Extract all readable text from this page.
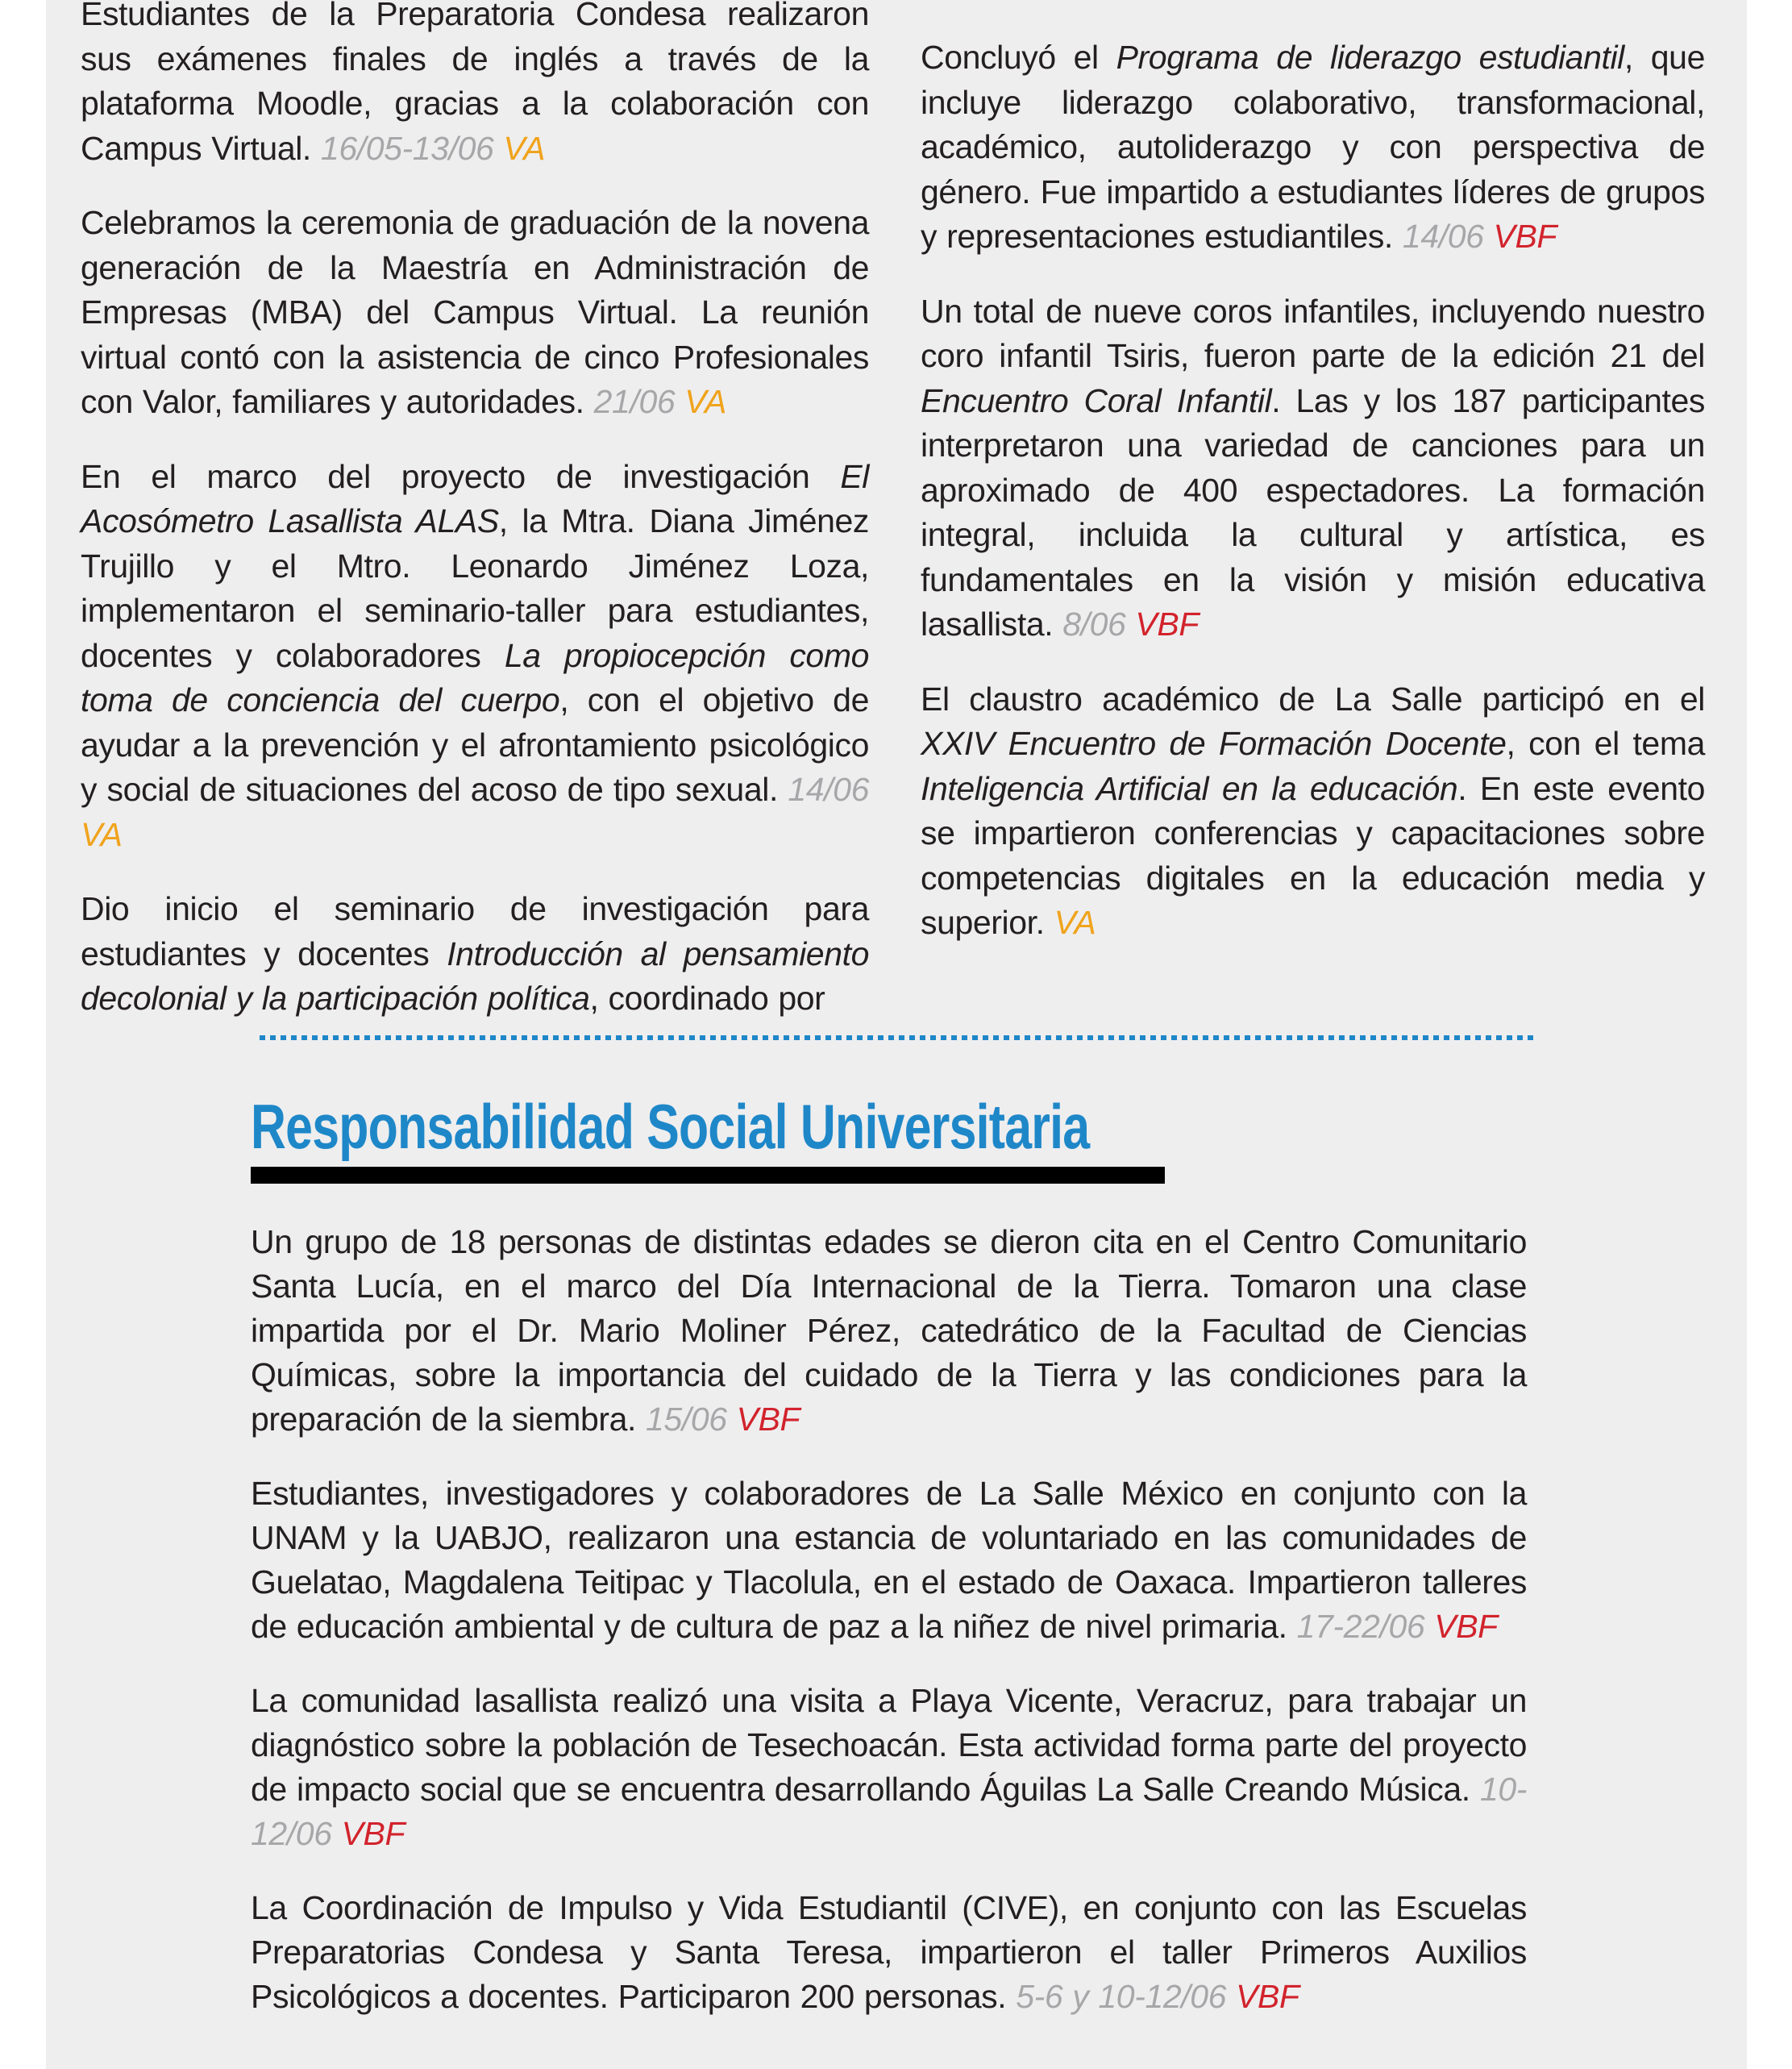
Estudiantes de la Preparatoria Condesa realizaron sus exámenes finales de inglés a través de la plataforma Moodle, gracias a la colaboración con Campus Virtual. 16/05-13/06 VA

Celebramos la ceremonia de graduación de la novena generación de la Maestría en Administración de Empresas (MBA) del Campus Virtual. La reunión virtual contó con la asistencia de cinco Profesionales con Valor, familiares y autoridades. 21/06 VA

En el marco del proyecto de investigación El Acosómetro Lasallista ALAS, la Mtra. Diana Jiménez Trujillo y el Mtro. Leonardo Jiménez Loza, implementaron el seminario-taller para estudiantes, docentes y colaboradores La propiocepción como toma de conciencia del cuerpo, con el objetivo de ayudar a la prevención y el afrontamiento psicológico y social de situaciones del acoso de tipo sexual. 14/06 VA

Dio inicio el seminario de investigación para estudiantes y docentes Introducción al pensamiento decolonial y la participación política, coordinado por

Concluyó el Programa de liderazgo estudiantil, que incluye liderazgo colaborativo, transformacional, académico, autoliderazgo y con perspectiva de género. Fue impartido a estudiantes líderes de grupos y representaciones estudiantiles. 14/06 VBF

Un total de nueve coros infantiles, incluyendo nuestro coro infantil Tsiris, fueron parte de la edición 21 del Encuentro Coral Infantil. Las y los 187 participantes interpretaron una variedad de canciones para un aproximado de 400 espectadores. La formación integral, incluida la cultural y artística, es fundamentales en la visión y misión educativa lasallista. 8/06 VBF

El claustro académico de La Salle participó en el XXIV Encuentro de Formación Docente, con el tema Inteligencia Artificial en la educación. En este evento se impartieron conferencias y capacitaciones sobre competencias digitales en la educación media y superior. VA

Responsabilidad Social Universitaria

Un grupo de 18 personas de distintas edades se dieron cita en el Centro Comunitario Santa Lucía, en el marco del Día Internacional de la Tierra. Tomaron una clase impartida por el Dr. Mario Moliner Pérez, catedrático de la Facultad de Ciencias Químicas, sobre la importancia del cuidado de la Tierra y las condiciones para la preparación de la siembra. 15/06 VBF

Estudiantes, investigadores y colaboradores de La Salle México en conjunto con la UNAM y la UABJO, realizaron una estancia de voluntariado en las comunidades de Guelatao, Magdalena Teitipac y Tlacolula, en el estado de Oaxaca. Impartieron talleres de educación ambiental y de cultura de paz a la niñez de nivel primaria. 17-22/06 VBF

La comunidad lasallista realizó una visita a Playa Vicente, Veracruz, para trabajar un diagnóstico sobre la población de Tesechoacán. Esta actividad forma parte del proyecto de impacto social que se encuentra desarrollando Águilas La Salle Creando Música. 10-12/06 VBF

La Coordinación de Impulso y Vida Estudiantil (CIVE), en conjunto con las Escuelas Preparatorias Condesa y Santa Teresa, impartieron el taller Primeros Auxilios Psicológicos a docentes. Participaron 200 personas. 5-6 y 10-12/06 VBF
